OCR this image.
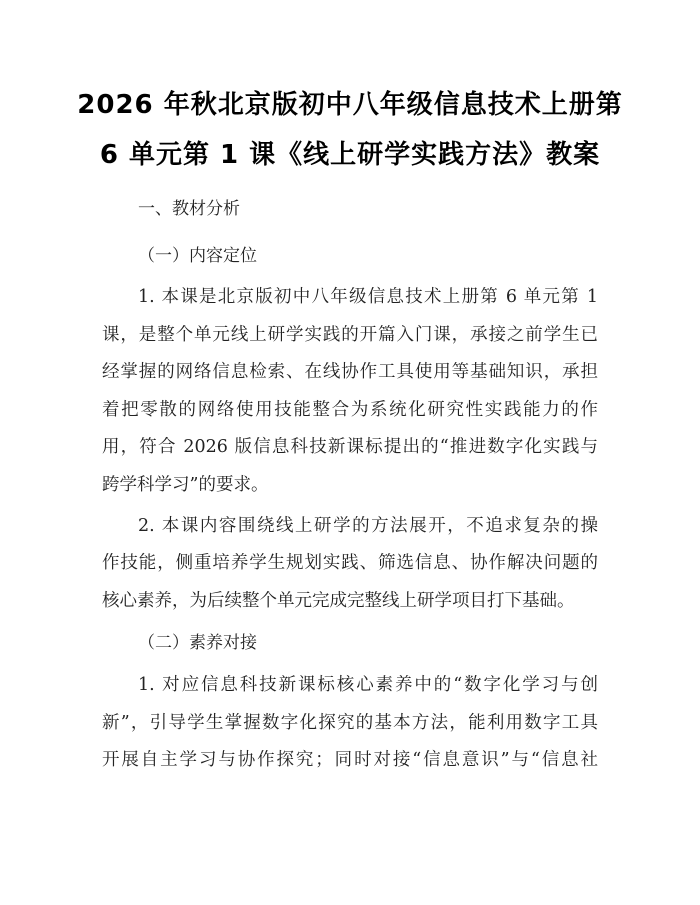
2026 年秋北京版初中八年级信息技术上册第
6 单元第 1 课《线上研学实践方法》教案
一、教材分析
（一）内容定位
1. 本课是北京版初中八年级信息技术上册第 6 单元第 1
课，是整个单元线上研学实践的开篇入门课，承接之前学生已
经掌握的网络信息检索、在线协作工具使用等基础知识，承担
着把零散的网络使用技能整合为系统化研究性实践能力的作
用，符合 2026 版信息科技新课标提出的“推进数字化实践与
跨学科学习”的要求。
2. 本课内容围绕线上研学的方法展开，不追求复杂的操
作技能，侧重培养学生规划实践、筛选信息、协作解决问题的
核心素养，为后续整个单元完成完整线上研学项目打下基础。
（二）素养对接
1. 对应信息科技新课标核心素养中的“数字化学习与创
新”，引导学生掌握数字化探究的基本方法，能利用数字工具
开展自主学习与协作探究；同时对接“信息意识”与“信息社
